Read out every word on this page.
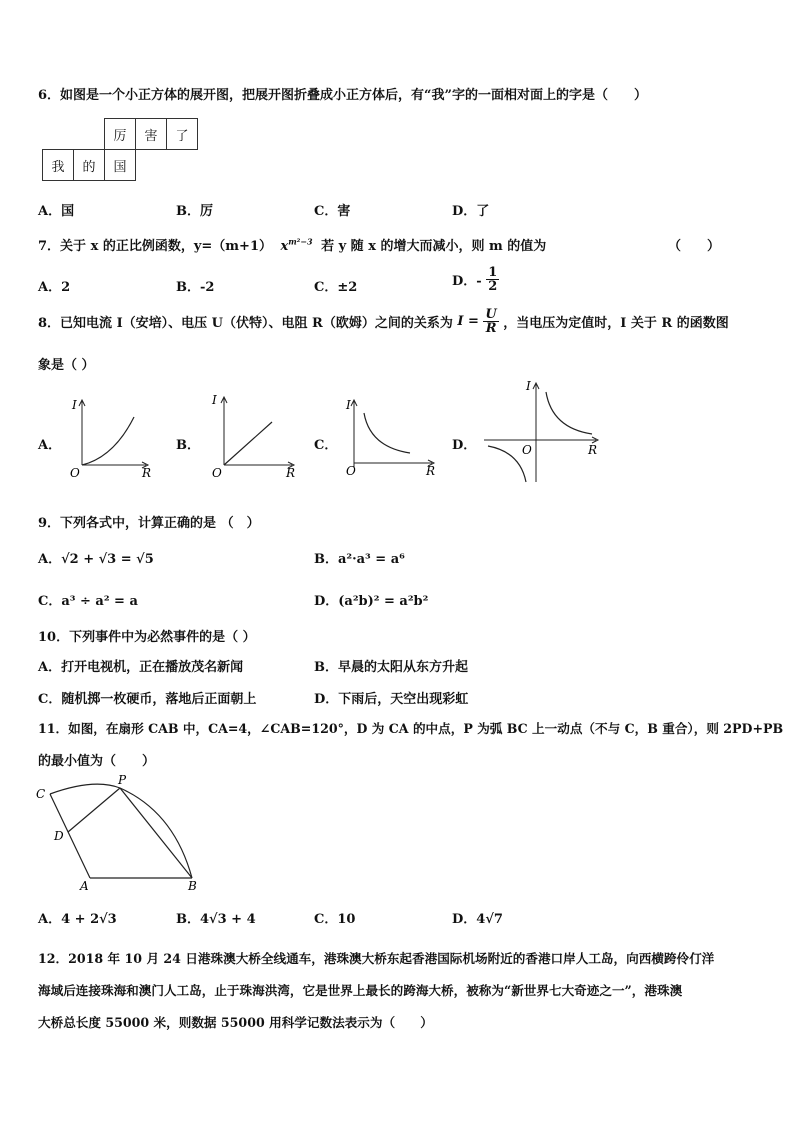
6．如图是一个小正方体的展开图，把展开图折叠成小正方体后，有“我”字的一面相对面上的字是（　　）
		厉	害	了
我	的	国		
A．国	B．厉	C．害	D．了
7．关于 x 的正比例函数，y=（m+1） $x^{m^2-3}$ 若 y 随 x 的增大而减小，则 m 的值为	（　　）
A．2	B．-2	C．±2	D．- $\frac{1}{2}$
8．已知电流 I（安培）、电压 U（伏特）、电阻 R（欧姆）之间的关系为 $I = \frac{U}{R}$ ，当电压为定值时，I 关于 R 的函数图
象是（ ）
A．	B．	C．	D．
I
R
O
I
R
O
I
R
O
I
R
O
9．下列各式中，计算正确的是 （　）
A．√2 + √3 = √5	B．a²·a³ = a⁶
C．a³ ÷ a² = a	D．(a²b)² = a²b²
10．下列事件中为必然事件的是（ ）
A．打开电视机，正在播放茂名新闻	B．早晨的太阳从东方升起
C．随机掷一枚硬币，落地后正面朝上	D．下雨后，天空出现彩虹
11．如图，在扇形 CAB 中，CA=4，∠CAB=120°，D 为 CA 的中点，P 为弧 BC 上一动点（不与 C，B 重合），则 2PD+PB
的最小值为（　　）
C
P
D
A	B
A．4 + 2√3	B．4√3 + 4	C．10	D．4√7
12．2018 年 10 月 24 日港珠澳大桥全线通车，港珠澳大桥东起香港国际机场附近的香港口岸人工岛，向西横跨伶仃洋
海域后连接珠海和澳门人工岛，止于珠海洪湾，它是世界上最长的跨海大桥，被称为“新世界七大奇迹之一”，港珠澳
大桥总长度 55000 米，则数据 55000 用科学记数法表示为（　　）
